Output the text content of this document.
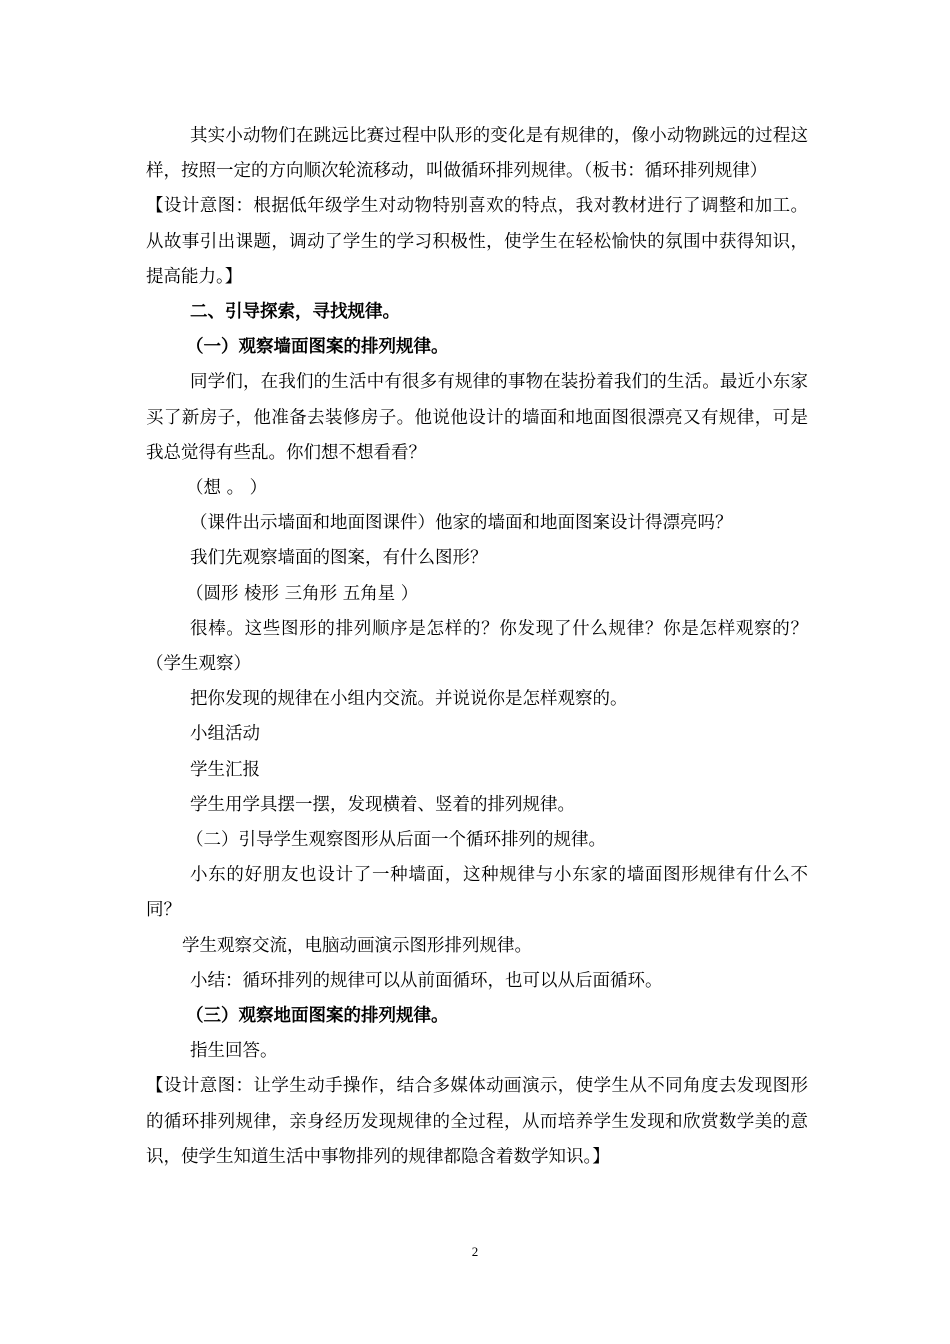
其实小动物们在跳远比赛过程中队形的变化是有规律的，像小动物跳远的过程这样，按照一定的方向顺次轮流移动，叫做循环排列规律。（板书：循环排列规律）

【设计意图：根据低年级学生对动物特别喜欢的特点，我对教材进行了调整和加工。从故事引出课题，调动了学生的学习积极性，使学生在轻松愉快的氛围中获得知识，提高能力。】

二、引导探索，寻找规律。

（一）观察墙面图案的排列规律。

同学们，在我们的生活中有很多有规律的事物在装扮着我们的生活。最近小东家买了新房子，他准备去装修房子。他说他设计的墙面和地面图很漂亮又有规律，可是我总觉得有些乱。你们想不想看看？

（想 。 ）

（课件出示墙面和地面图课件）他家的墙面和地面图案设计得漂亮吗？

我们先观察墙面的图案，有什么图形？

（圆形 棱形 三角形 五角星 ）

很棒。这些图形的排列顺序是怎样的？你发现了什么规律？你是怎样观察的？（学生观察）

把你发现的规律在小组内交流。并说说你是怎样观察的。

小组活动

学生汇报

学生用学具摆一摆，发现横着、竖着的排列规律。

（二）引导学生观察图形从后面一个循环排列的规律。

小东的好朋友也设计了一种墙面，这种规律与小东家的墙面图形规律有什么不同？

学生观察交流，电脑动画演示图形排列规律。

小结：循环排列的规律可以从前面循环，也可以从后面循环。

（三）观察地面图案的排列规律。

指生回答。

【设计意图：让学生动手操作，结合多媒体动画演示，使学生从不同角度去发现图形的循环排列规律，亲身经历发现规律的全过程，从而培养学生发现和欣赏数学美的意识，使学生知道生活中事物排列的规律都隐含着数学知识。】

2
